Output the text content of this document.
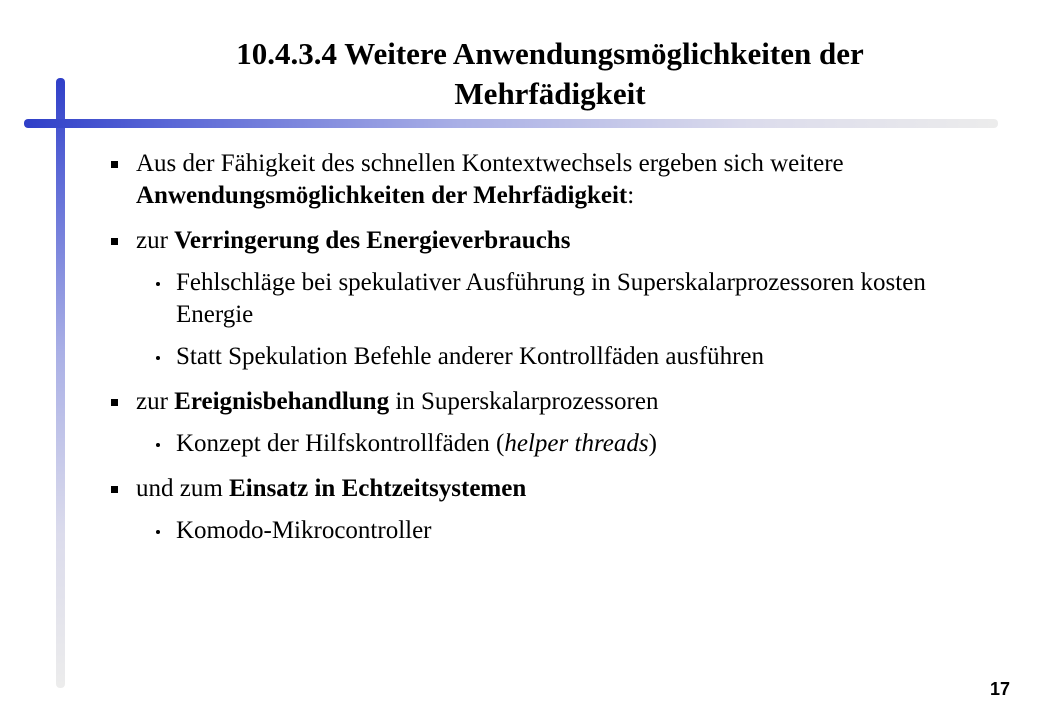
10.4.3.4 Weitere Anwendungsmöglichkeiten der
Mehrfädigkeit
Aus der Fähigkeit des schnellen Kontextwechsels ergeben sich weitere Anwendungsmöglichkeiten der Mehrfädigkeit:
zur Verringerung des Energieverbrauchs
Fehlschläge bei spekulativer Ausführung in Superskalarprozessoren kosten Energie
Statt Spekulation Befehle anderer Kontrollfäden ausführen
zur Ereignisbehandlung in Superskalarprozessoren
Konzept der Hilfskontrollfäden (helper threads)
und zum Einsatz in Echtzeitsystemen
Komodo-Mikrocontroller
17
